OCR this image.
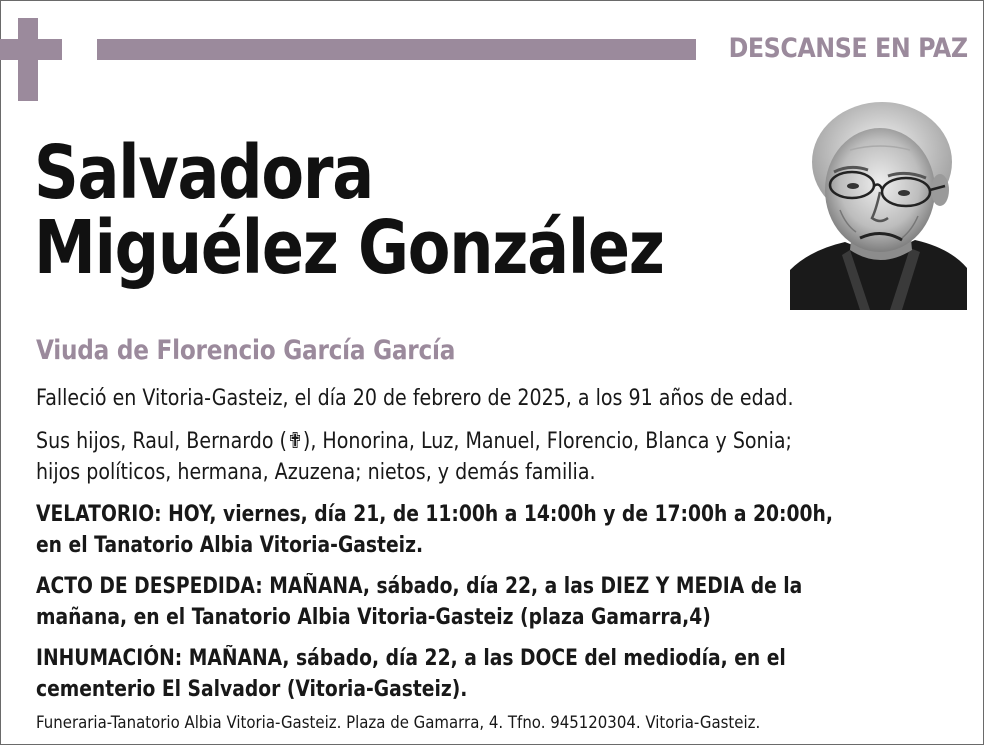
DESCANSE EN PAZ
Salvadora
Miguélez González
Viuda de Florencio García García
Falleció en Vitoria-Gasteiz, el día 20 de febrero de 2025, a los 91 años de edad.
Sus hijos, Raul, Bernardo (✟), Honorina, Luz, Manuel, Florencio, Blanca y Sonia;
hijos políticos, hermana, Azuzena; nietos, y demás familia.
VELATORIO: HOY, viernes, día 21, de 11:00h a 14:00h y de 17:00h a 20:00h,
en el Tanatorio Albia Vitoria-Gasteiz.
ACTO DE DESPEDIDA: MAÑANA, sábado, día 22, a las DIEZ Y MEDIA de la
mañana, en el Tanatorio Albia Vitoria-Gasteiz (plaza Gamarra,4)
INHUMACIÓN: MAÑANA, sábado, día 22, a las DOCE del mediodía, en el
cementerio El Salvador (Vitoria-Gasteiz).
Funeraria-Tanatorio Albia Vitoria-Gasteiz. Plaza de Gamarra, 4. Tfno. 945120304. Vitoria-Gasteiz.
